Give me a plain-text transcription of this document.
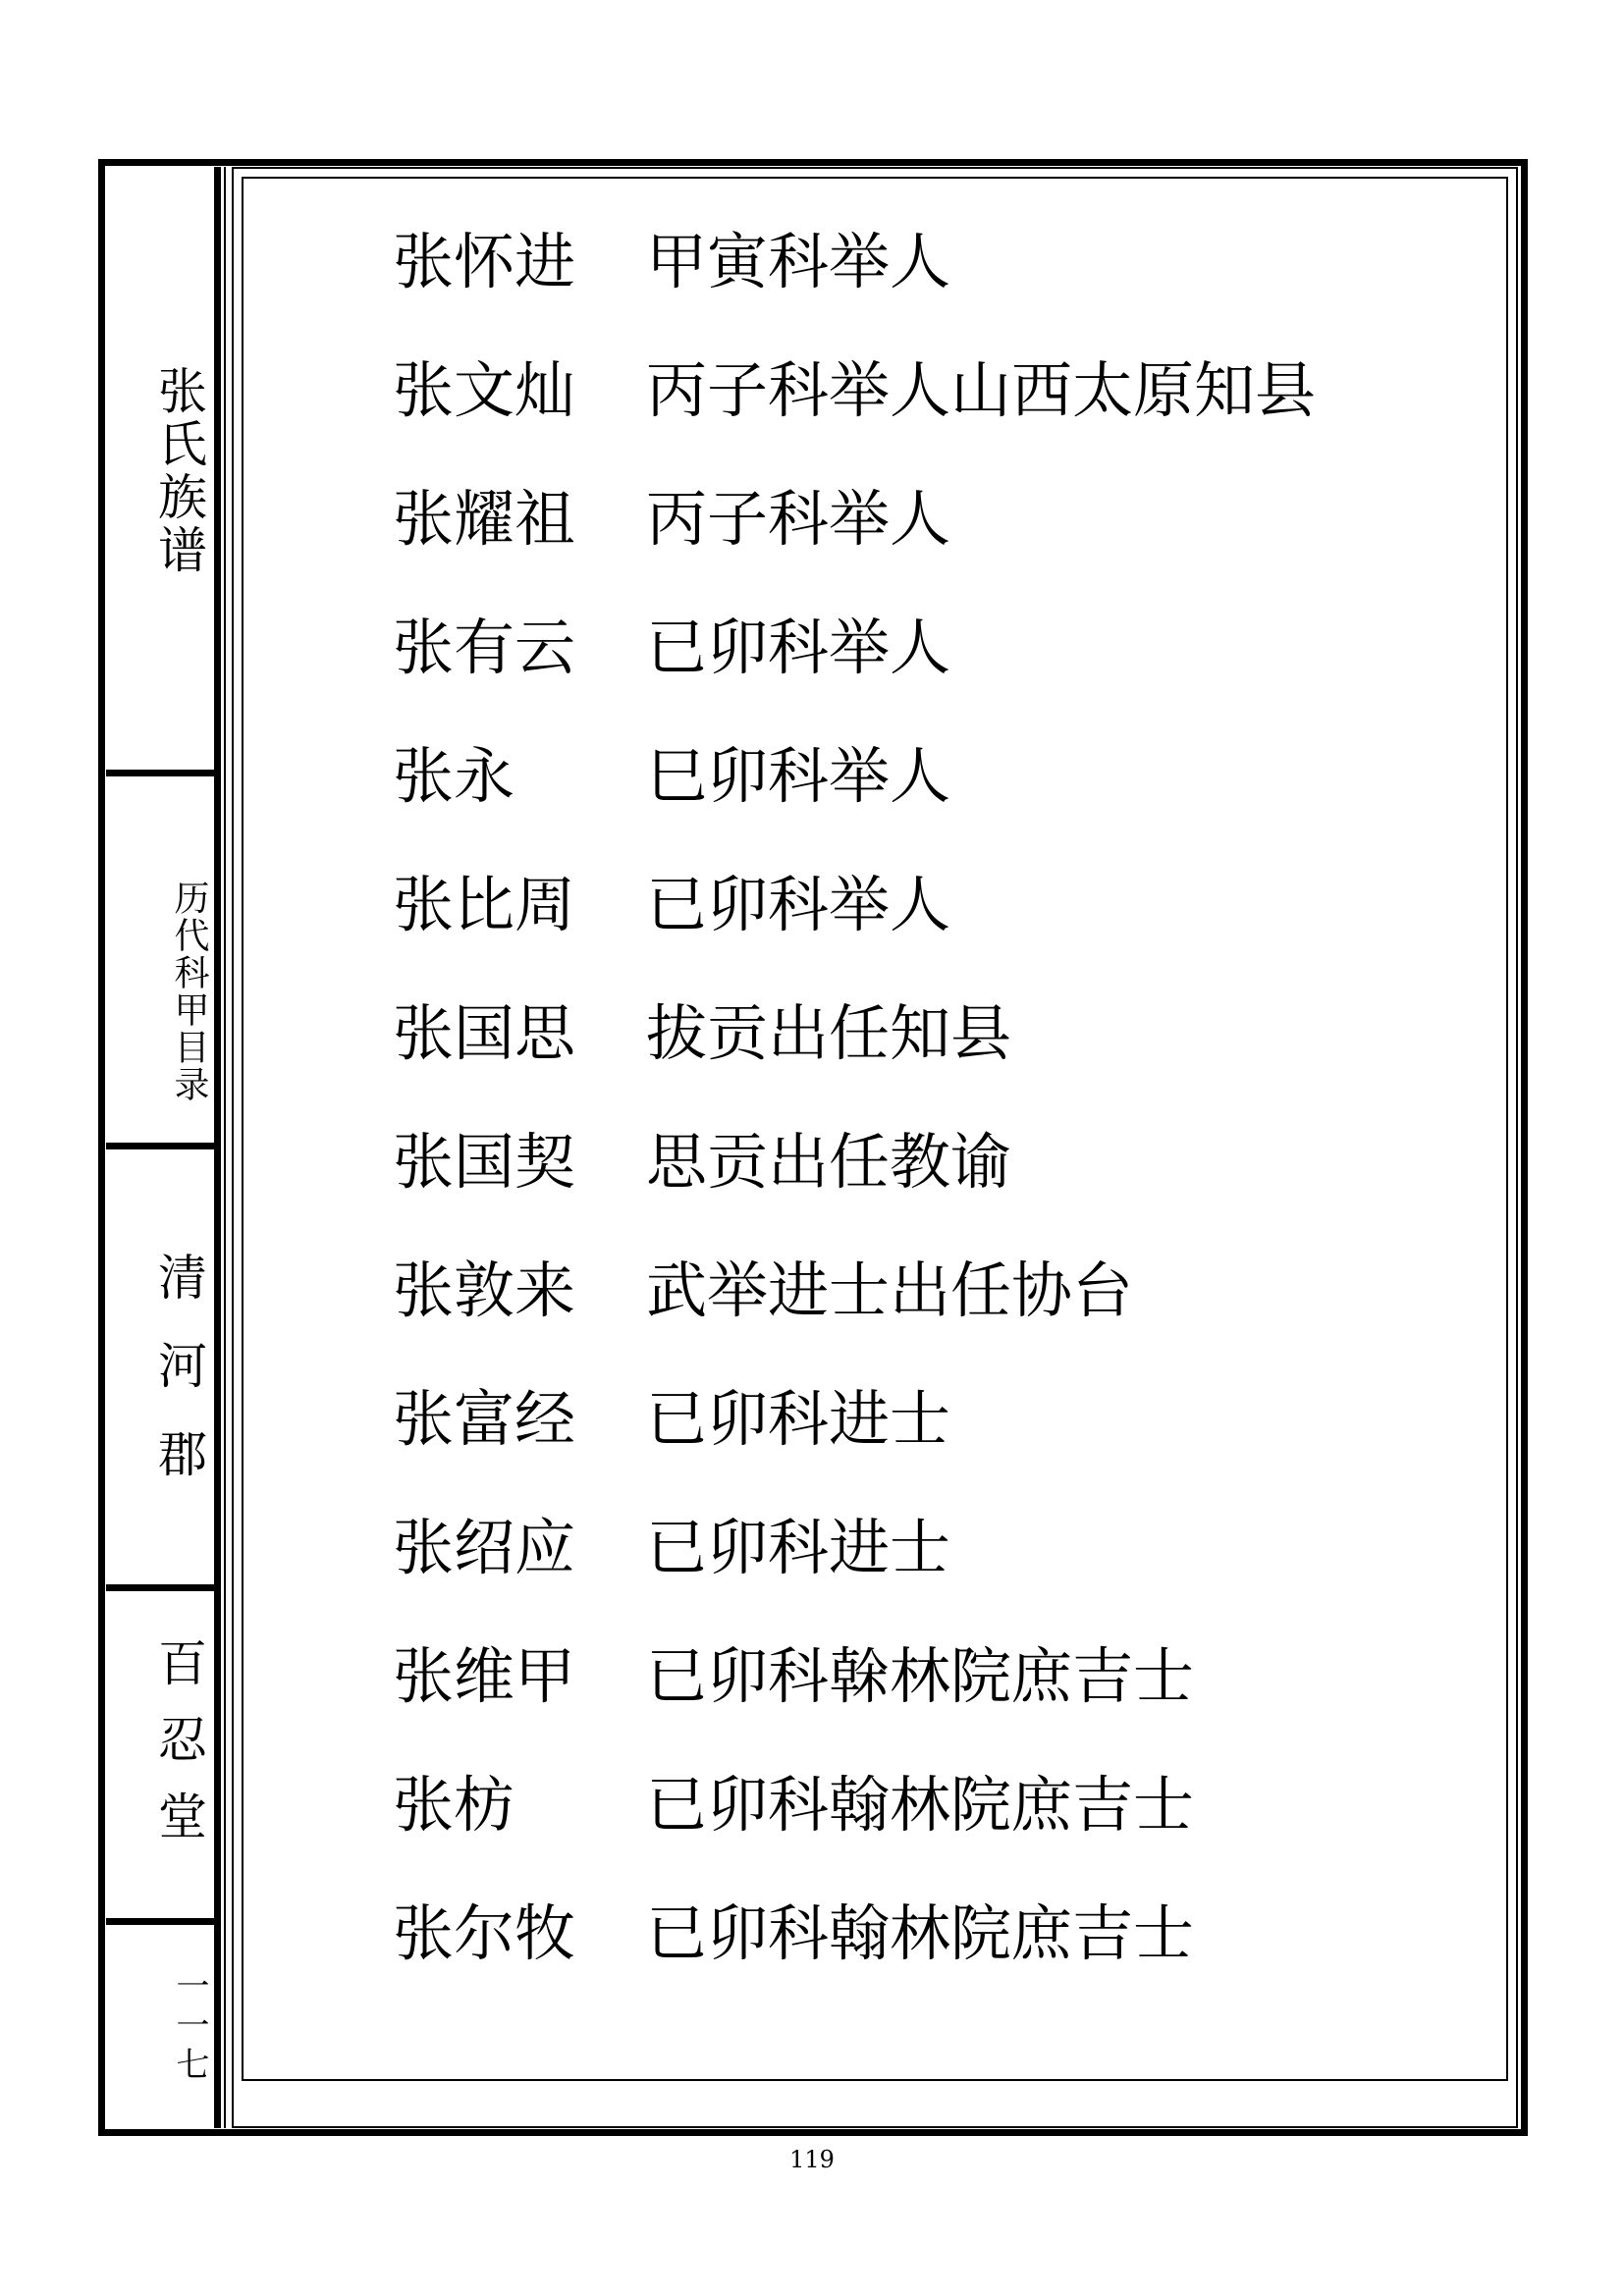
张氏族谱
历代科甲目录
清河郡
百忍堂
一一七
张怀进 甲寅科举人
张文灿 丙子科举人山西太原知县
张耀祖 丙子科举人
张有云 已卯科举人
张永 巳卯科举人
张比周 已卯科举人
张国思 拔贡出任知县
张国契 思贡出任教谕
张敦来 武举进士出任协台
张富经 已卯科进士
张绍应 已卯科进士
张维甲 已卯科榦林院庶吉士
张枋 已卯科翰林院庶吉士
张尔牧 已卯科翰林院庶吉士
119
